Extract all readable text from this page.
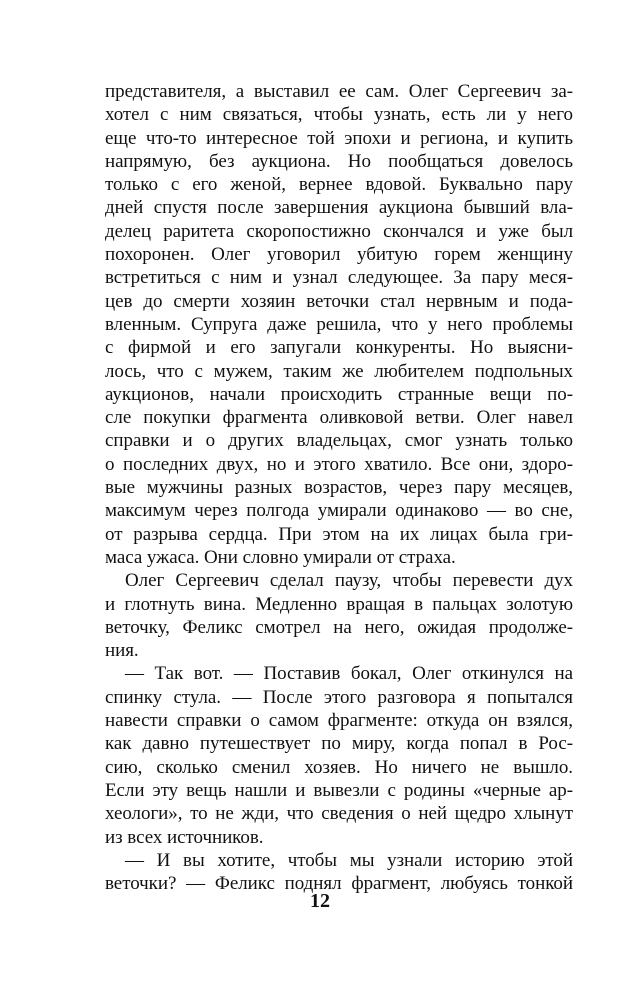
представителя, а выставил ее сам. Олег Сергеевич за-
хотел с ним связаться, чтобы узнать, есть ли у него
еще что-то интересное той эпохи и региона, и купить
напрямую, без аукциона. Но пообщаться довелось
только с его женой, вернее вдовой. Буквально пару
дней спустя после завершения аукциона бывший вла-
делец раритета скоропостижно скончался и уже был
похоронен. Олег уговорил убитую горем женщину
встретиться с ним и узнал следующее. За пару меся-
цев до смерти хозяин веточки стал нервным и пода-
вленным. Супруга даже решила, что у него проблемы
с фирмой и его запугали конкуренты. Но выясни-
лось, что с мужем, таким же любителем подпольных
аукционов, начали происходить странные вещи по-
сле покупки фрагмента оливковой ветви. Олег навел
справки и о других владельцах, смог узнать только
о последних двух, но и этого хватило. Все они, здоро-
вые мужчины разных возрастов, через пару месяцев,
максимум через полгода умирали одинаково — во сне,
от разрыва сердца. При этом на их лицах была гри-
маса ужаса. Они словно умирали от страха.

Олег Сергеевич сделал паузу, чтобы перевести дух
и глотнуть вина. Медленно вращая в пальцах золотую
веточку, Феликс смотрел на него, ожидая продолже-
ния.

— Так вот. — Поставив бокал, Олег откинулся на
спинку стула. — После этого разговора я попытался
навести справки о самом фрагменте: откуда он взялся,
как давно путешествует по миру, когда попал в Рос-
сию, сколько сменил хозяев. Но ничего не вышло.
Если эту вещь нашли и вывезли с родины «черные ар-
хеологи», то не жди, что сведения о ней щедро хлынут
из всех источников.

— И вы хотите, чтобы мы узнали историю этой
веточки? — Феликс поднял фрагмент, любуясь тонкой

12
